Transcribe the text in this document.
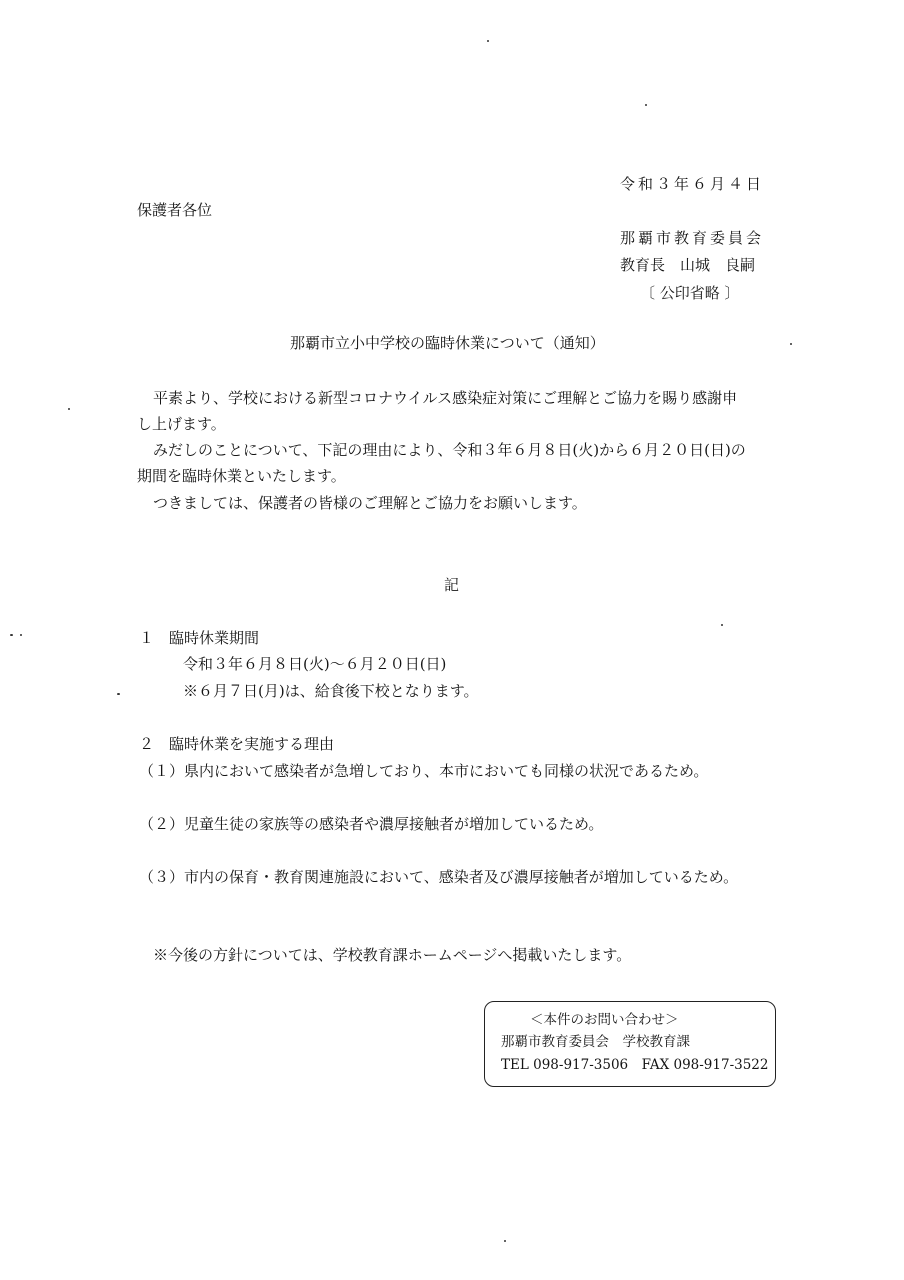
令和３年６月４日
保護者各位
那覇市教育委員会
教育長　山城　良嗣
〔 公印省略 〕
那覇市立小中学校の臨時休業について（通知）
平素より、学校における新型コロナウイルス感染症対策にご理解とご協力を賜り感謝申
し上げます。
みだしのことについて、下記の理由により、令和３年６月８日(火)から６月２０日(日)の
期間を臨時休業といたします。
つきましては、保護者の皆様のご理解とご協力をお願いします。
記
１　臨時休業期間
令和３年６月８日(火)～６月２０日(日)
※６月７日(月)は、給食後下校となります。
２　臨時休業を実施する理由
（１）県内において感染者が急増しており、本市においても同様の状況であるため。
（２）児童生徒の家族等の感染者や濃厚接触者が増加しているため。
（３）市内の保育・教育関連施設において、感染者及び濃厚接触者が増加しているため。
※今後の方針については、学校教育課ホームページへ掲載いたします。
＜本件のお問い合わせ＞
那覇市教育委員会　学校教育課
TEL 098-917-3506　FAX 098-917-3522
